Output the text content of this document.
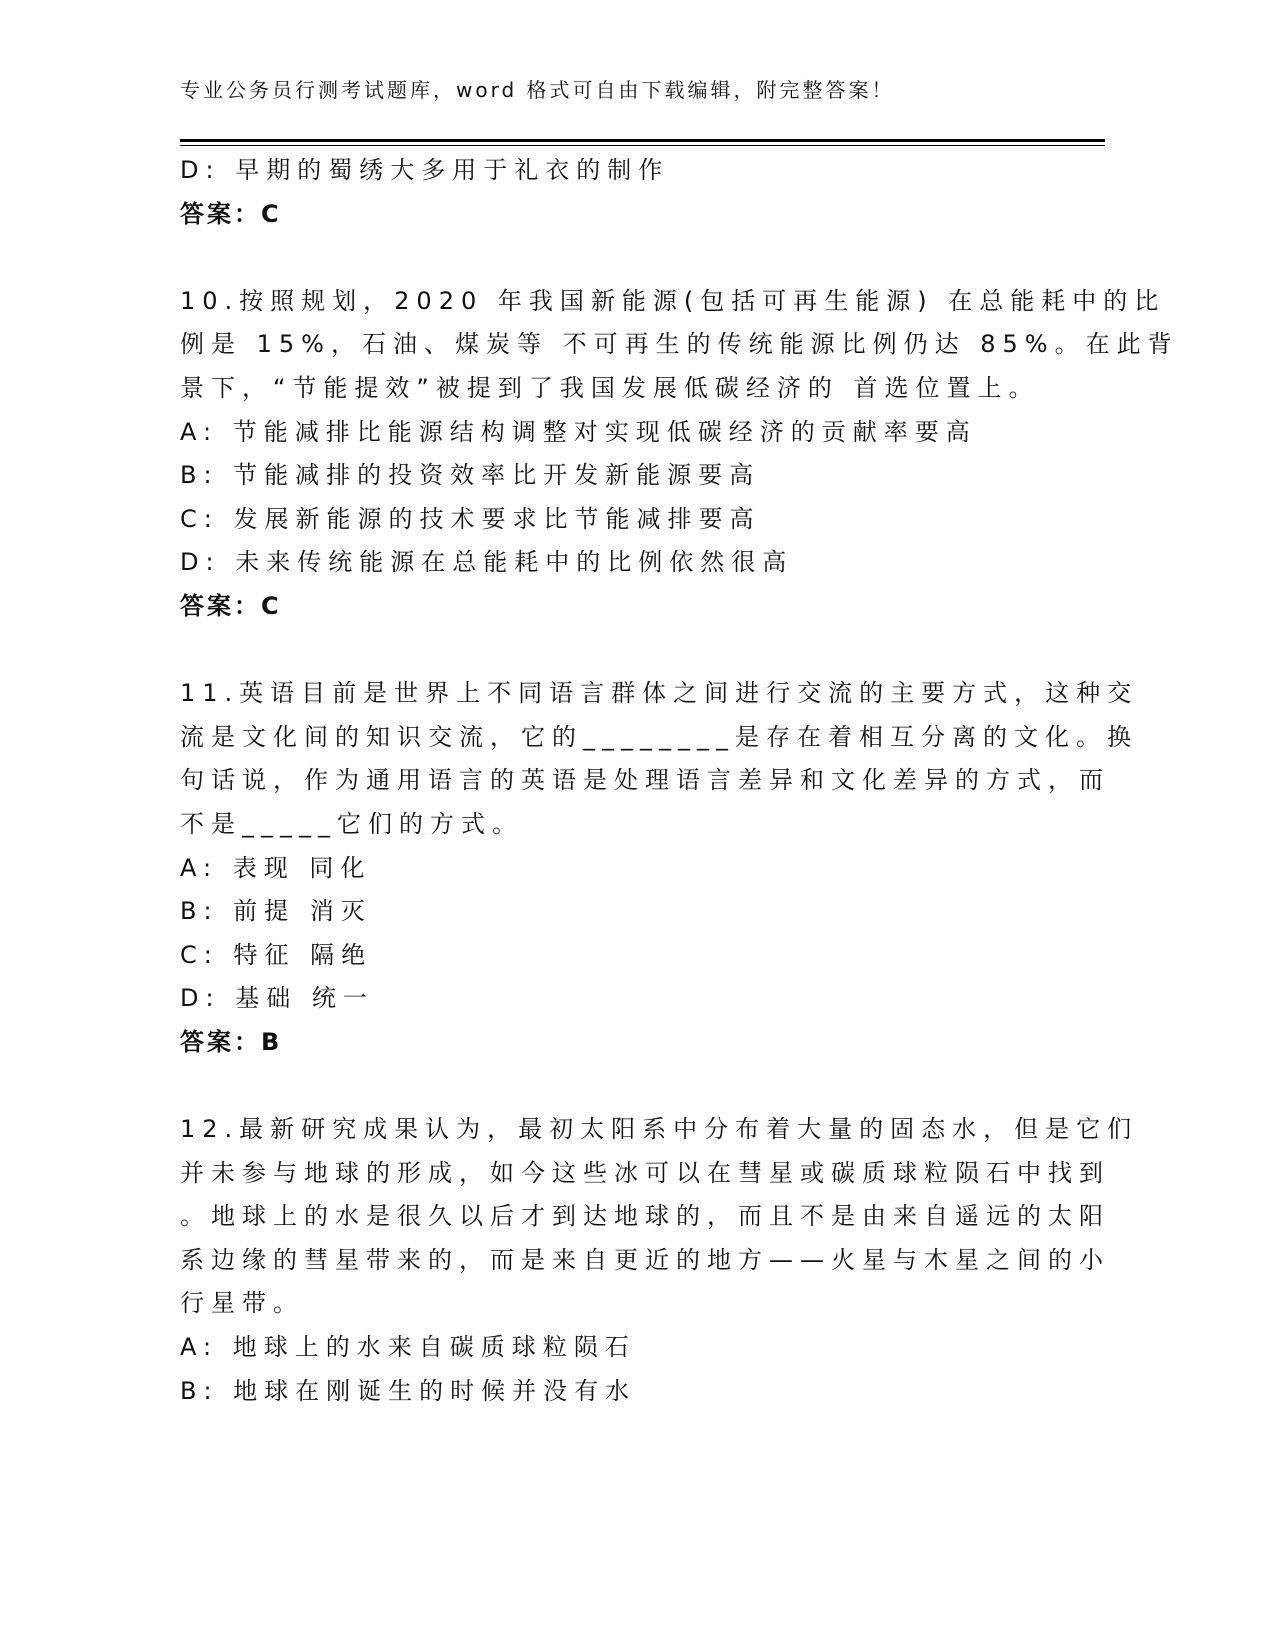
专业公务员行测考试题库，word 格式可自由下载编辑，附完整答案！
D: 早期的蜀绣大多用于礼衣的制作
答案：C
10.按照规划，2020 年我国新能源(包括可再生能源) 在总能耗中的比
例是 15%，石油、煤炭等 不可再生的传统能源比例仍达 85%。在此背
景下，“节能提效”被提到了我国发展低碳经济的 首选位置上。
A: 节能减排比能源结构调整对实现低碳经济的贡献率要高
B: 节能减排的投资效率比开发新能源要高
C: 发展新能源的技术要求比节能减排要高
D: 未来传统能源在总能耗中的比例依然很高
答案：C
11.英语目前是世界上不同语言群体之间进行交流的主要方式，这种交
流是文化间的知识交流，它的________是存在着相互分离的文化。换
句话说，作为通用语言的英语是处理语言差异和文化差异的方式，而
不是_____它们的方式。
A: 表现 同化
B: 前提 消灭
C: 特征 隔绝
D: 基础 统一
答案：B
12.最新研究成果认为，最初太阳系中分布着大量的固态水，但是它们
并未参与地球的形成，如今这些冰可以在彗星或碳质球粒陨石中找到
。地球上的水是很久以后才到达地球的，而且不是由来自遥远的太阳
系边缘的彗星带来的，而是来自更近的地方——火星与木星之间的小
行星带。
A: 地球上的水来自碳质球粒陨石
B: 地球在刚诞生的时候并没有水
